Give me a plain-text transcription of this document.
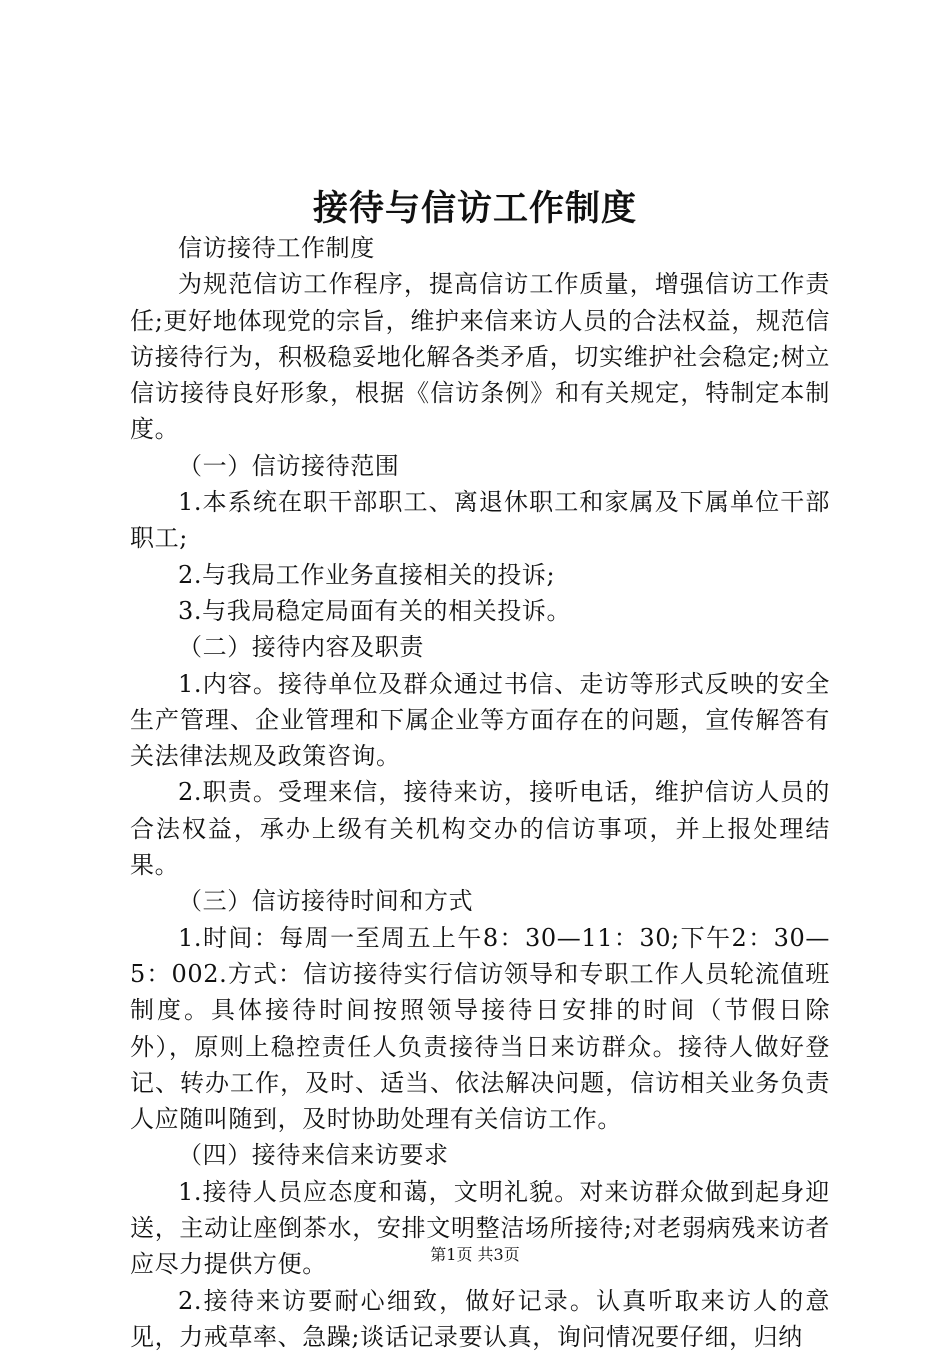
接待与信访工作制度

信访接待工作制度

为规范信访工作程序，提高信访工作质量，增强信访工作责任;更好地体现党的宗旨，维护来信来访人员的合法权益，规范信访接待行为，积极稳妥地化解各类矛盾，切实维护社会稳定;树立信访接待良好形象，根据《信访条例》和有关规定，特制定本制度。

（一）信访接待范围

1.本系统在职干部职工、离退休职工和家属及下属单位干部职工;

2.与我局工作业务直接相关的投诉;

3.与我局稳定局面有关的相关投诉。

（二）接待内容及职责

1.内容。接待单位及群众通过书信、走访等形式反映的安全生产管理、企业管理和下属企业等方面存在的问题，宣传解答有关法律法规及政策咨询。

2.职责。受理来信，接待来访，接听电话，维护信访人员的合法权益，承办上级有关机构交办的信访事项，并上报处理结果。

（三）信访接待时间和方式

1.时间：每周一至周五上午8：30—11：30;下午2：30—5：002.方式：信访接待实行信访领导和专职工作人员轮流值班制度。具体接待时间按照领导接待日安排的时间（节假日除外），原则上稳控责任人负责接待当日来访群众。接待人做好登记、转办工作，及时、适当、依法解决问题，信访相关业务负责人应随叫随到，及时协助处理有关信访工作。

（四）接待来信来访要求

1.接待人员应态度和蔼，文明礼貌。对来访群众做到起身迎送，主动让座倒茶水，安排文明整洁场所接待;对老弱病残来访者应尽力提供方便。

2.接待来访要耐心细致，做好记录。认真听取来访人的意见，力戒草率、急躁;谈话记录要认真，询问情况要仔细，归纳

第1页 共3页
